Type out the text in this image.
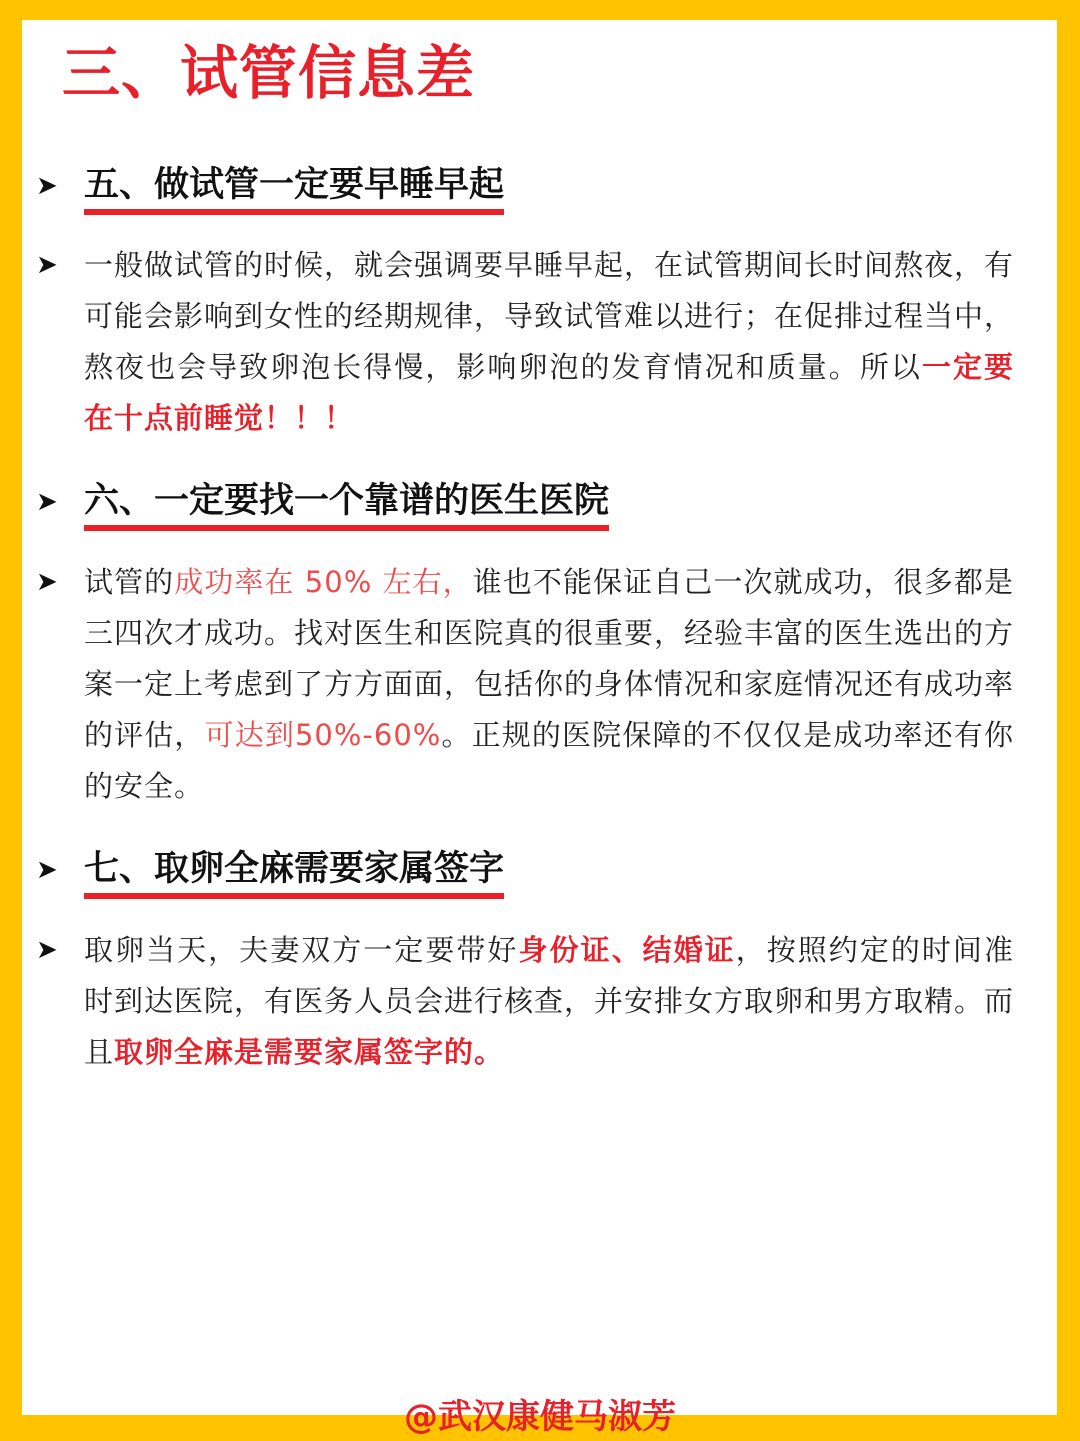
三、试管信息差
➤ 五、做试管一定要早睡早起
➤ 一般做试管的时候，就会强调要早睡早起，在试管期间长时间熬夜，有可能会影响到女性的经期规律，导致试管难以进行；在促排过程当中，熬夜也会导致卵泡长得慢，影响卵泡的发育情况和质量。所以一定要在十点前睡觉！！！

➤ 六、一定要找一个靠谱的医生医院
➤ 试管的成功率在 50% 左右，谁也不能保证自己一次就成功，很多都是三四次才成功。找对医生和医院真的很重要，经验丰富的医生选出的方案一定上考虑到了方方面面，包括你的身体情况和家庭情况还有成功率的评估，可达到50%-60%。正规的医院保障的不仅仅是成功率还有你的安全。

➤ 七、取卵全麻需要家属签字
➤ 取卵当天，夫妻双方一定要带好身份证、结婚证，按照约定的时间准时到达医院，有医务人员会进行核查，并安排女方取卵和男方取精。而且取卵全麻是需要家属签字的。

@武汉康健马淑芳
